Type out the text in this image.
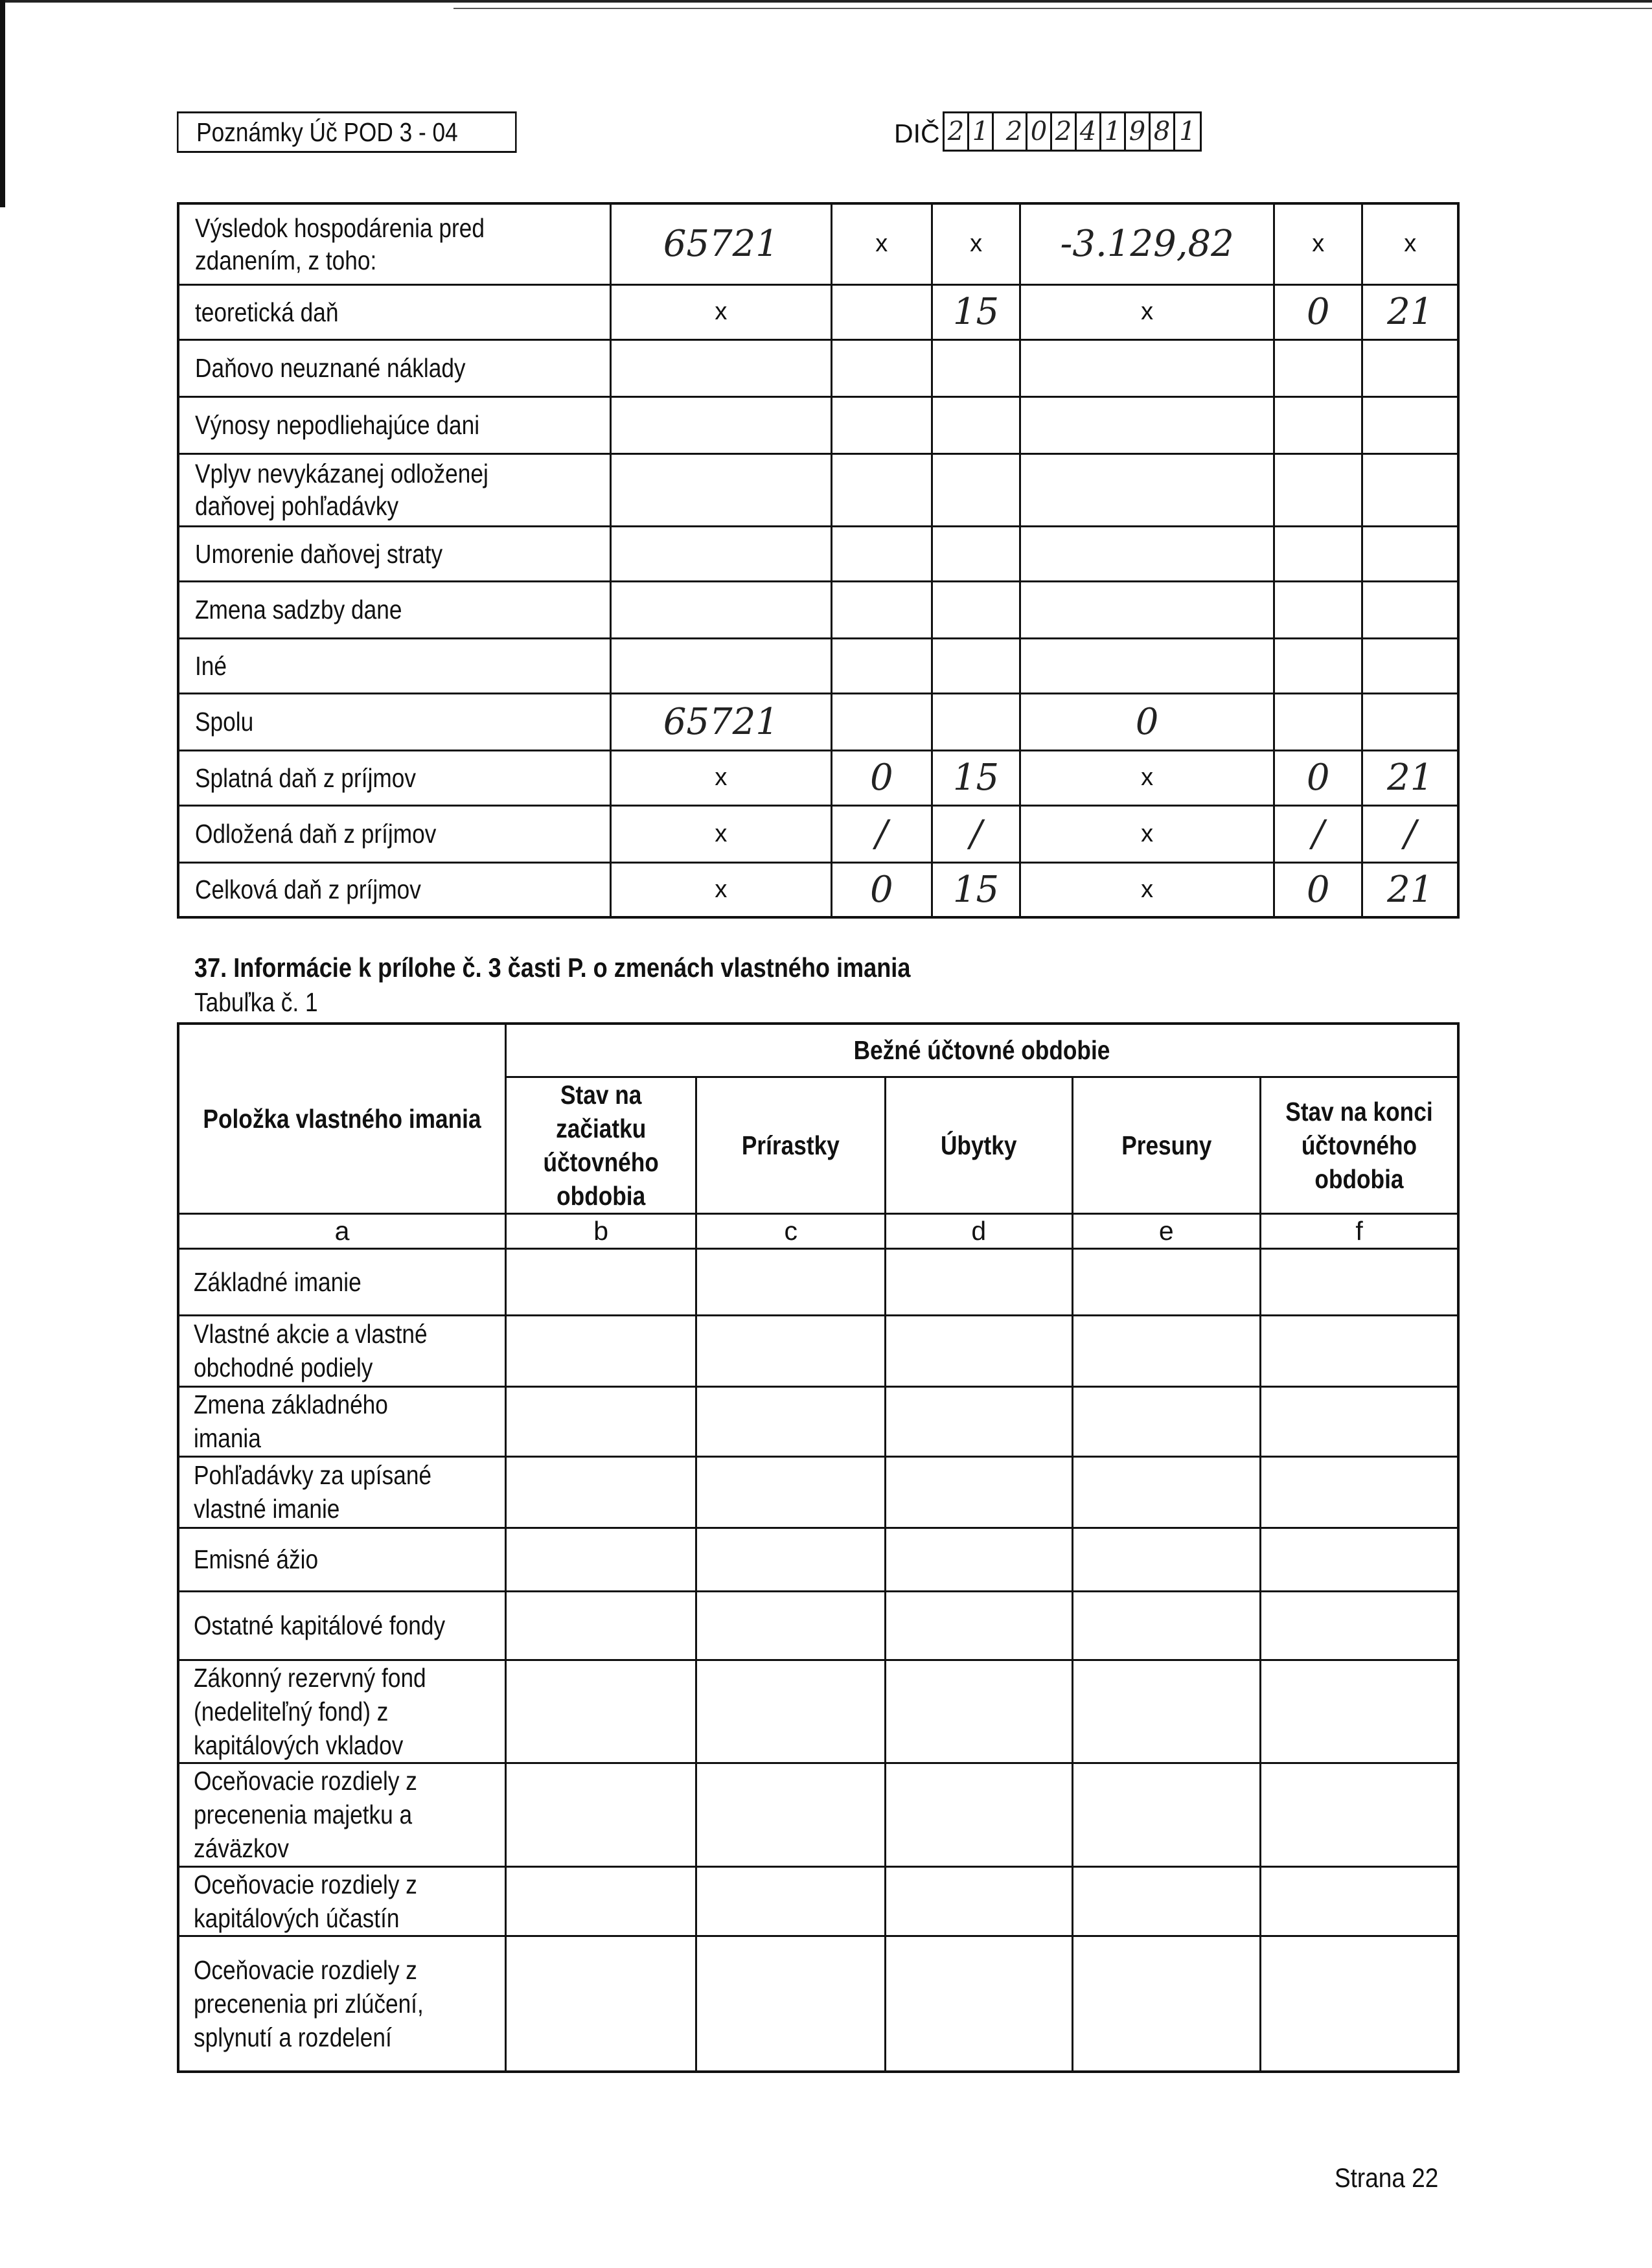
Poznámky Úč POD 3 - 04	DIČ 2 1 2 0 2 4 1 9 8 1
Výsledok hospodárenia pred zdanením, z toho:	65721	x	x	-3.129,82	x	x
teoretická daň	x		15	x	0	21
Daňovo neuznané náklady						
Výnosy nepodliehajúce dani						
Vplyv nevykázanej odloženej daňovej pohľadávky						
Umorenie daňovej straty						
Zmena sadzby dane						
Iné						
Spolu	65721			0		
Splatná daň z príjmov	x	0	15	x	0	21
Odložená daň z príjmov	x	/	/	x	/	/
Celková daň z príjmov	x	0	15	x	0	21
37. Informácie k prílohe č. 3 časti P. o zmenách vlastného imania
Tabuľka č. 1
Položka vlastného imania	Bežné účtovné obdobie				

	Stav na začiatku účtovného obdobia	Prírastky	Úbytky	Presuny	Stav na konci účtovného obdobia

a	b	c	d	e	f

Základné imanie					

Vlastné akcie a vlastné obchodné podiely					

Zmena základného imania					

Pohľadávky za upísané vlastné imanie					

Emisné ážio					

Ostatné kapitálové fondy					

Zákonný rezervný fond (nedeliteľný fond) z kapitálových vkladov					

Oceňovacie rozdiely z precenenia majetku a záväzkov					

Oceňovacie rozdiely z kapitálových účastín					

Oceňovacie rozdiely z precenenia pri zlúčení, splynutí a rozdelení					

Strana 22
